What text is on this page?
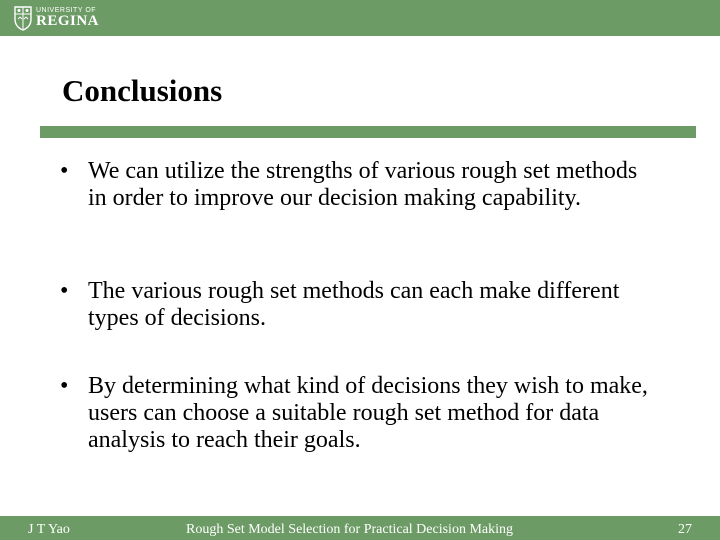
UNIVERSITY OF
REGINA
Conclusions
• We can utilize the strengths of various rough set methods in order to improve our decision making capability.
• The various rough set methods can each make different types of decisions.
• By determining what kind of decisions they wish to make, users can choose a suitable rough set method for data analysis to reach their goals.
J T Yao	Rough Set Model Selection for Practical Decision Making	27
